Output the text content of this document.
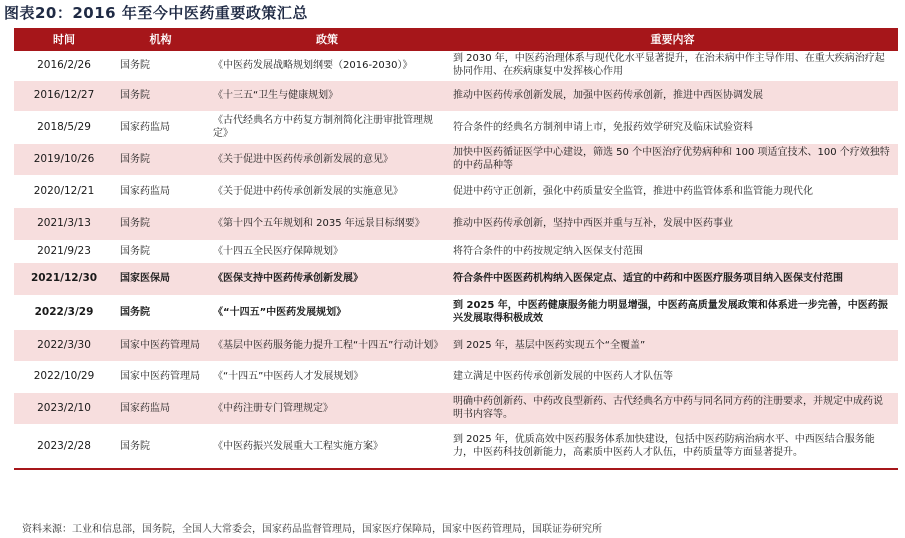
图表20：2016 年至今中医药重要政策汇总
时间	机构	政策	重要内容
2016/2/26	国务院	《中医药发展战略规划纲要（2016-2030）》	到 2030 年，中医药治理体系与现代化水平显著提升，在治未病中作主导作用、在重大疾病治疗起协同作用、在疾病康复中发挥核心作用
2016/12/27	国务院	《十三五“卫生与健康规划》	推动中医药传承创新发展，加强中医药传承创新，推进中西医协调发展
2018/5/29	国家药监局	《古代经典名方中药复方制剂简化注册审批管理规定》	符合条件的经典名方制剂申请上市，免报药效学研究及临床试验资料
2019/10/26	国务院	《关于促进中医药传承创新发展的意见》	加快中医药循证医学中心建设，筛选 50 个中医治疗优势病种和 100 项适宜技术、100 个疗效独特的中药品种等
2020/12/21	国家药监局	《关于促进中药传承创新发展的实施意见》	促进中药守正创新，强化中药质量安全监管，推进中药监管体系和监管能力现代化
2021/3/13	国务院	《第十四个五年规划和 2035 年远景目标纲要》	推动中医药传承创新，坚持中西医并重与互补，发展中医药事业
2021/9/23	国务院	《十四五全民医疗保障规划》	将符合条件的中药按规定纳入医保支付范围
2021/12/30	国家医保局	《医保支持中医药传承创新发展》	符合条件中医医药机构纳入医保定点、适宜的中药和中医医疗服务项目纳入医保支付范围
2022/3/29	国务院	《“十四五”中医药发展规划》	到 2025 年，中医药健康服务能力明显增强，中医药高质量发展政策和体系进一步完善，中医药振兴发展取得积极成效
2022/3/30	国家中医药管理局	《基层中医药服务能力提升工程“十四五”行动计划》	到 2025 年，基层中医药实现五个“全覆盖”
2022/10/29	国家中医药管理局	《“十四五”中医药人才发展规划》	建立满足中医药传承创新发展的中医药人才队伍等
2023/2/10	国家药监局	《中药注册专门管理规定》	明确中药创新药、中药改良型新药、古代经典名方中药与同名同方药的注册要求，并规定中成药说明书内容等。
2023/2/28	国务院	《中医药振兴发展重大工程实施方案》	到 2025 年，优质高效中医药服务体系加快建设，包括中医药防病治病水平、中西医结合服务能力，中医药科技创新能力，高素质中医药人才队伍，中药质量等方面显著提升。
资料来源：工业和信息部，国务院，全国人大常委会，国家药品监督管理局，国家医疗保障局，国家中医药管理局，国联证券研究所
